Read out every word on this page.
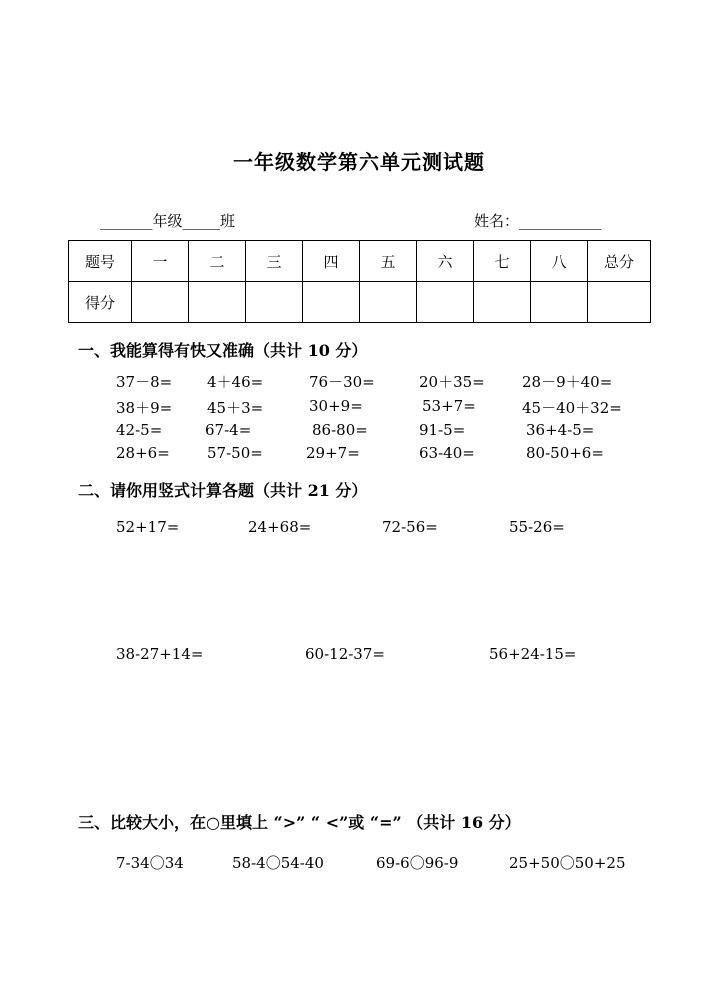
一年级数学第六单元测试题
_______年级_____班	姓名：___________
题号	一	二	三	四	五	六	七	八	总分
得分									
一、我能算得有快又准确（共计 10 分）
37－8= 4＋46=	76－30=	20＋35= 28－9＋40=
38＋9= 45＋3=	30+9=	53+7=	45－40＋32=
42-5=	67-4=	86-80=	91-5=	36+4-5=
28+6= 57-50=	29+7=	63-40=	80-50+6=
二、请你用竖式计算各题（共计 21 分）
52+17=	24+68=	72-56=	55-26=
38-27+14=	60-12-37=	56+24-15=
三、比较大小，在○里填上 “>” “ <”或 “=” （共计 16 分）
7-34〇34	58-4〇54-40	69-6〇96-9	25+50〇50+25
